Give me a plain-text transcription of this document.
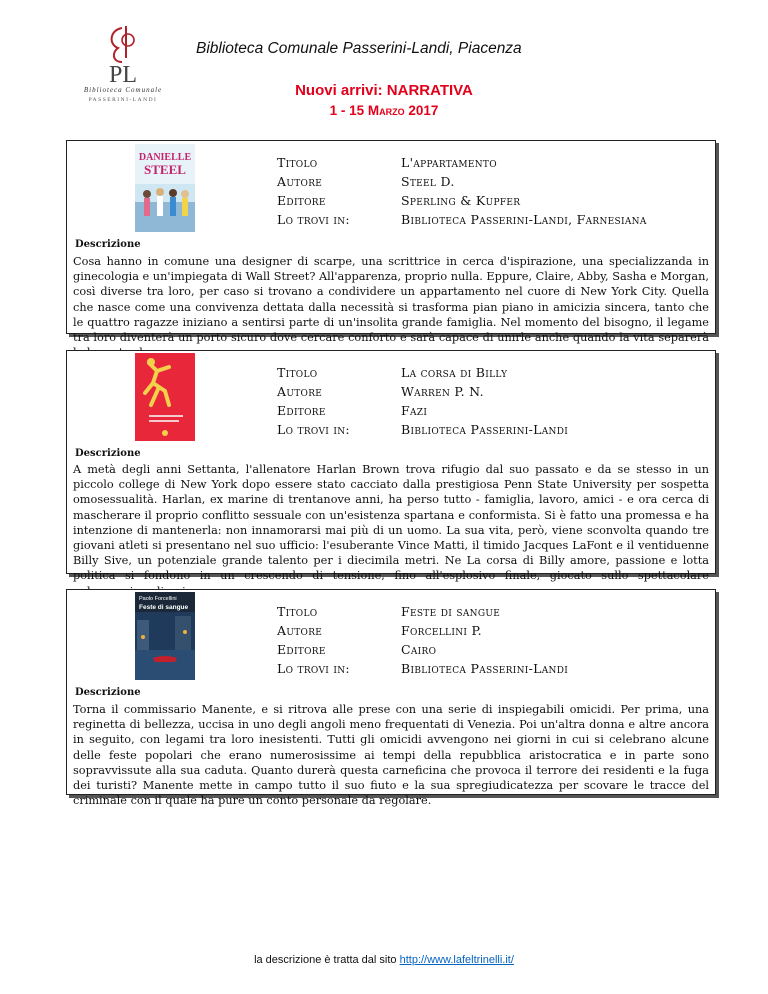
PL
Biblioteca Comunale
PASSERINI-LANDI
Biblioteca Comunale Passerini-Landi, Piacenza
Nuovi arrivi: NARRATIVA
1 - 15 Marzo 2017
DANIELLE
STEEL	Titolo	L'appartamento
Autore	Steel D.
Editore	Sperling & Kupfer
Lo trovi in:	Biblioteca Passerini-Landi, Farnesiana
Descrizione
Cosa hanno in comune una designer di scarpe, una scrittrice in cerca d'ispirazione, una specializzanda in ginecologia e un'impiegata di Wall Street? All'apparenza, proprio nulla. Eppure, Claire, Abby, Sasha e Morgan, così diverse tra loro, per caso si trovano a condividere un appartamento nel cuore di New York City. Quella che nasce come una convivenza dettata dalla necessità si trasforma pian piano in amicizia sincera, tanto che le quattro ragazze iniziano a sentirsi parte di un'insolita grande famiglia. Nel momento del bisogno, il legame tra loro diventerà un porto sicuro dove cercare conforto e sarà capace di unirle anche quando la vita separerà
Titolo	La corsa di Billy
Autore	Warren P. N.
Editore	Fazi
Lo trovi in:	Biblioteca Passerini-Landi
Descrizione
A metà degli anni Settanta, l'allenatore Harlan Brown trova rifugio dal suo passato e da se stesso in un piccolo college di New York dopo essere stato cacciato dalla prestigiosa Penn State University per sospetta omosessualità. Harlan, ex marine di trentanove anni, ha perso tutto - famiglia, lavoro, amici - e ora cerca di mascherare il proprio conflitto sessuale con un'esistenza spartana e conformista. Si è fatto una promessa e ha intenzione di mantenerla: non innamorarsi mai più di un uomo. La sua vita, però, viene sconvolta quando tre giovani atleti si presentano nel suo ufficio: l'esuberante Vince Matti, il timido Jacques LaFont e il ventiduenne Billy Sive, un potenziale grande talento per i diecimila metri. Ne La corsa di Billy amore, passione e lotta politica si fondono in un crescendo di tensione, fino all'esplosivo finale, giocato sullo spettacolare
Paolo Forcellini
Feste di sangue	Titolo	Feste di sangue
Autore	Forcellini P.
Editore	Cairo
Lo trovi in:	Biblioteca Passerini-Landi
Descrizione
Torna il commissario Manente, e si ritrova alle prese con una serie di inspiegabili omicidi. Per prima, una reginetta di bellezza, uccisa in uno degli angoli meno frequentati di Venezia. Poi un'altra donna e altre ancora in seguito, con legami tra loro inesistenti. Tutti gli omicidi avvengono nei giorni in cui si celebrano alcune delle feste popolari che erano numerosissime ai tempi della repubblica aristocratica e in parte sono sopravvissute alla sua caduta. Quanto durerà questa carneficina che provoca il terrore dei residenti e la fuga dei turisti? Manente mette in campo tutto il suo fiuto e la sua spregiudicatezza per scovare le tracce del criminale con il quale ha pure un conto personale da regolare.
la descrizione è tratta dal sito http://www.lafeltrinelli.it/
